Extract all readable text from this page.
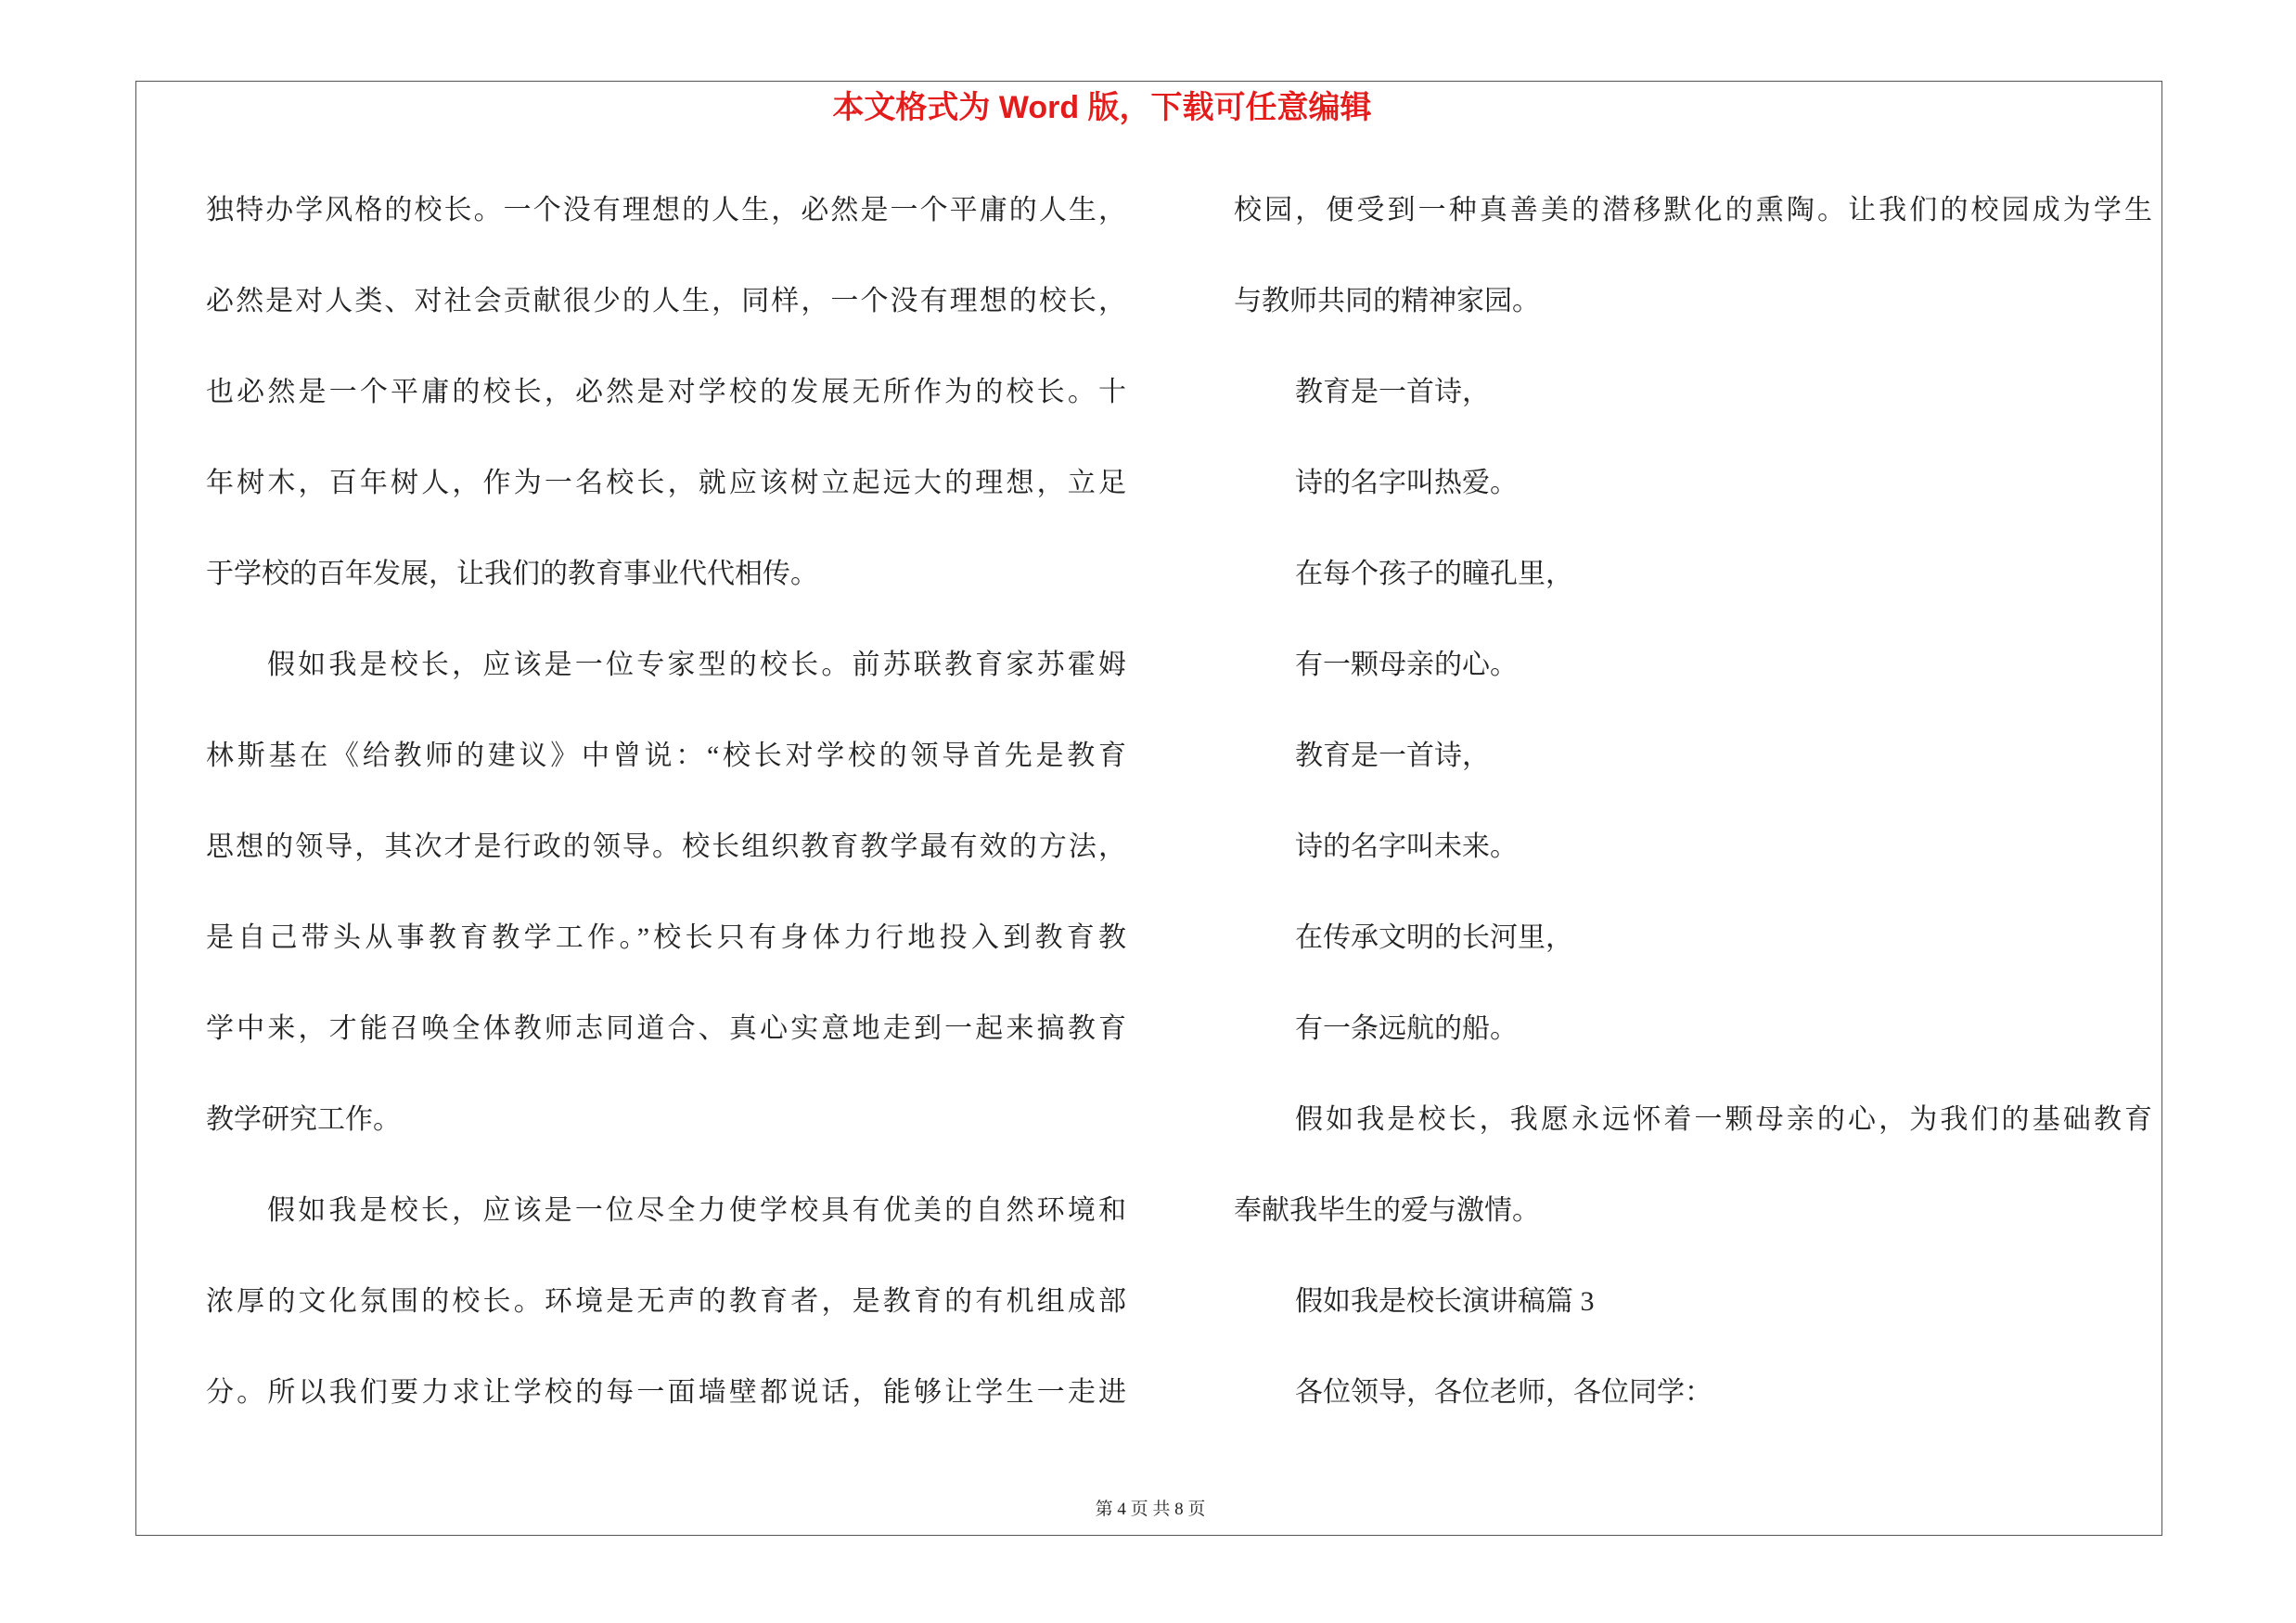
本文格式为 Word 版，下载可任意编辑
独特办学风格的校长。一个没有理想的人生，必然是一个平庸的人生，
必然是对人类、对社会贡献很少的人生，同样，一个没有理想的校长，
也必然是一个平庸的校长，必然是对学校的发展无所作为的校长。十
年树木，百年树人，作为一名校长，就应该树立起远大的理想，立足
于学校的百年发展，让我们的教育事业代代相传。
假如我是校长，应该是一位专家型的校长。前苏联教育家苏霍姆
林斯基在《给教师的建议》中曾说：“校长对学校的领导首先是教育
思想的领导，其次才是行政的领导。校长组织教育教学最有效的方法，
是自己带头从事教育教学工作。”校长只有身体力行地投入到教育教
学中来，才能召唤全体教师志同道合、真心实意地走到一起来搞教育
教学研究工作。
假如我是校长，应该是一位尽全力使学校具有优美的自然环境和
浓厚的文化氛围的校长。环境是无声的教育者，是教育的有机组成部
分。所以我们要力求让学校的每一面墙壁都说话，能够让学生一走进
校园，便受到一种真善美的潜移默化的熏陶。让我们的校园成为学生
与教师共同的精神家园。
教育是一首诗，
诗的名字叫热爱。
在每个孩子的瞳孔里，
有一颗母亲的心。
教育是一首诗，
诗的名字叫未来。
在传承文明的长河里，
有一条远航的船。
假如我是校长，我愿永远怀着一颗母亲的心，为我们的基础教育
奉献我毕生的爱与激情。
假如我是校长演讲稿篇 3
各位领导，各位老师，各位同学：
第 4 页 共 8 页
